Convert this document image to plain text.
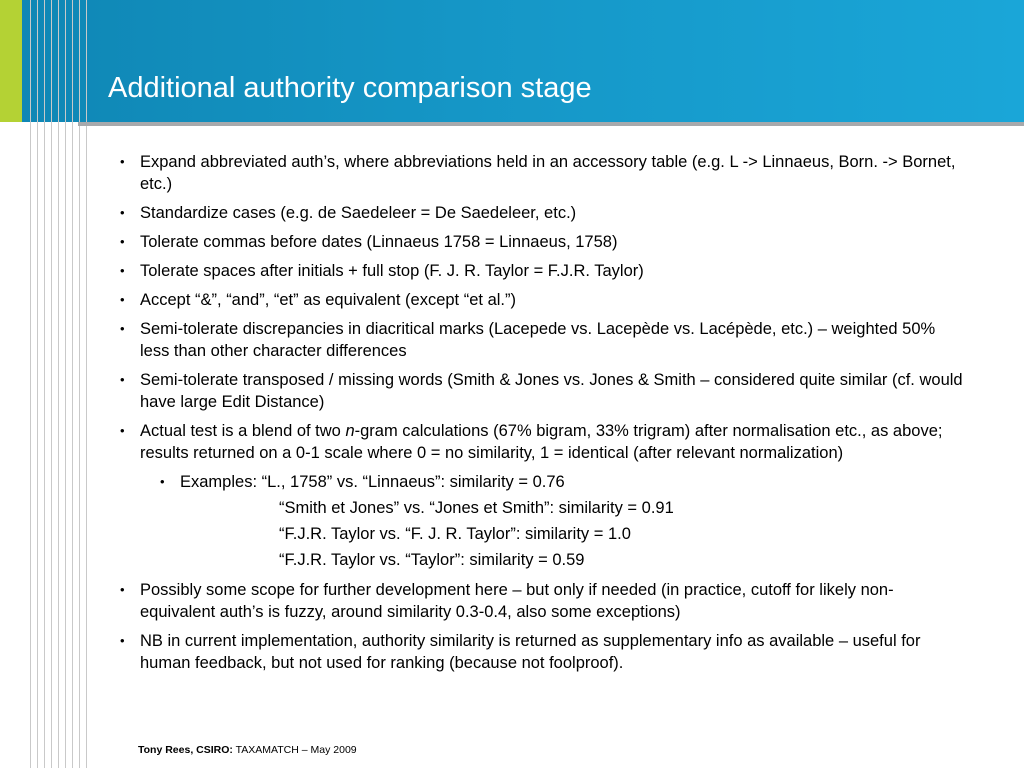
Additional authority comparison stage
• Expand abbreviated auth’s, where abbreviations held in an accessory table (e.g. L -> Linnaeus, Born. -> Bornet, etc.)
• Standardize cases (e.g. de Saedeleer = De Saedeleer, etc.)
• Tolerate commas before dates (Linnaeus 1758 = Linnaeus, 1758)
• Tolerate spaces after initials + full stop (F. J. R. Taylor = F.J.R. Taylor)
• Accept “&”, “and”, “et” as equivalent (except “et al.”)
• Semi-tolerate discrepancies in diacritical marks (Lacepede vs. Lacepède vs. Lacépède, etc.) – weighted 50% less than other character differences
• Semi-tolerate transposed / missing words (Smith & Jones vs. Jones & Smith – considered quite similar (cf. would have large Edit Distance)
• Actual test is a blend of two n-gram calculations (67% bigram, 33% trigram) after normalisation etc., as above; results returned on a 0-1 scale where 0 = no similarity, 1 = identical (after relevant normalization)
• Examples: “L., 1758” vs. “Linnaeus”: similarity = 0.76
“Smith et Jones” vs. “Jones et Smith”: similarity = 0.91
“F.J.R. Taylor vs. “F. J. R. Taylor”: similarity = 1.0
“F.J.R. Taylor vs. “Taylor”: similarity = 0.59
• Possibly some scope for further development here – but only if needed (in practice, cutoff for likely non-equivalent auth’s is fuzzy, around similarity 0.3-0.4, also some exceptions)
• NB in current implementation, authority similarity is returned as supplementary info as available – useful for human feedback, but not used for ranking (because not foolproof).
Tony Rees, CSIRO: TAXAMATCH – May 2009
